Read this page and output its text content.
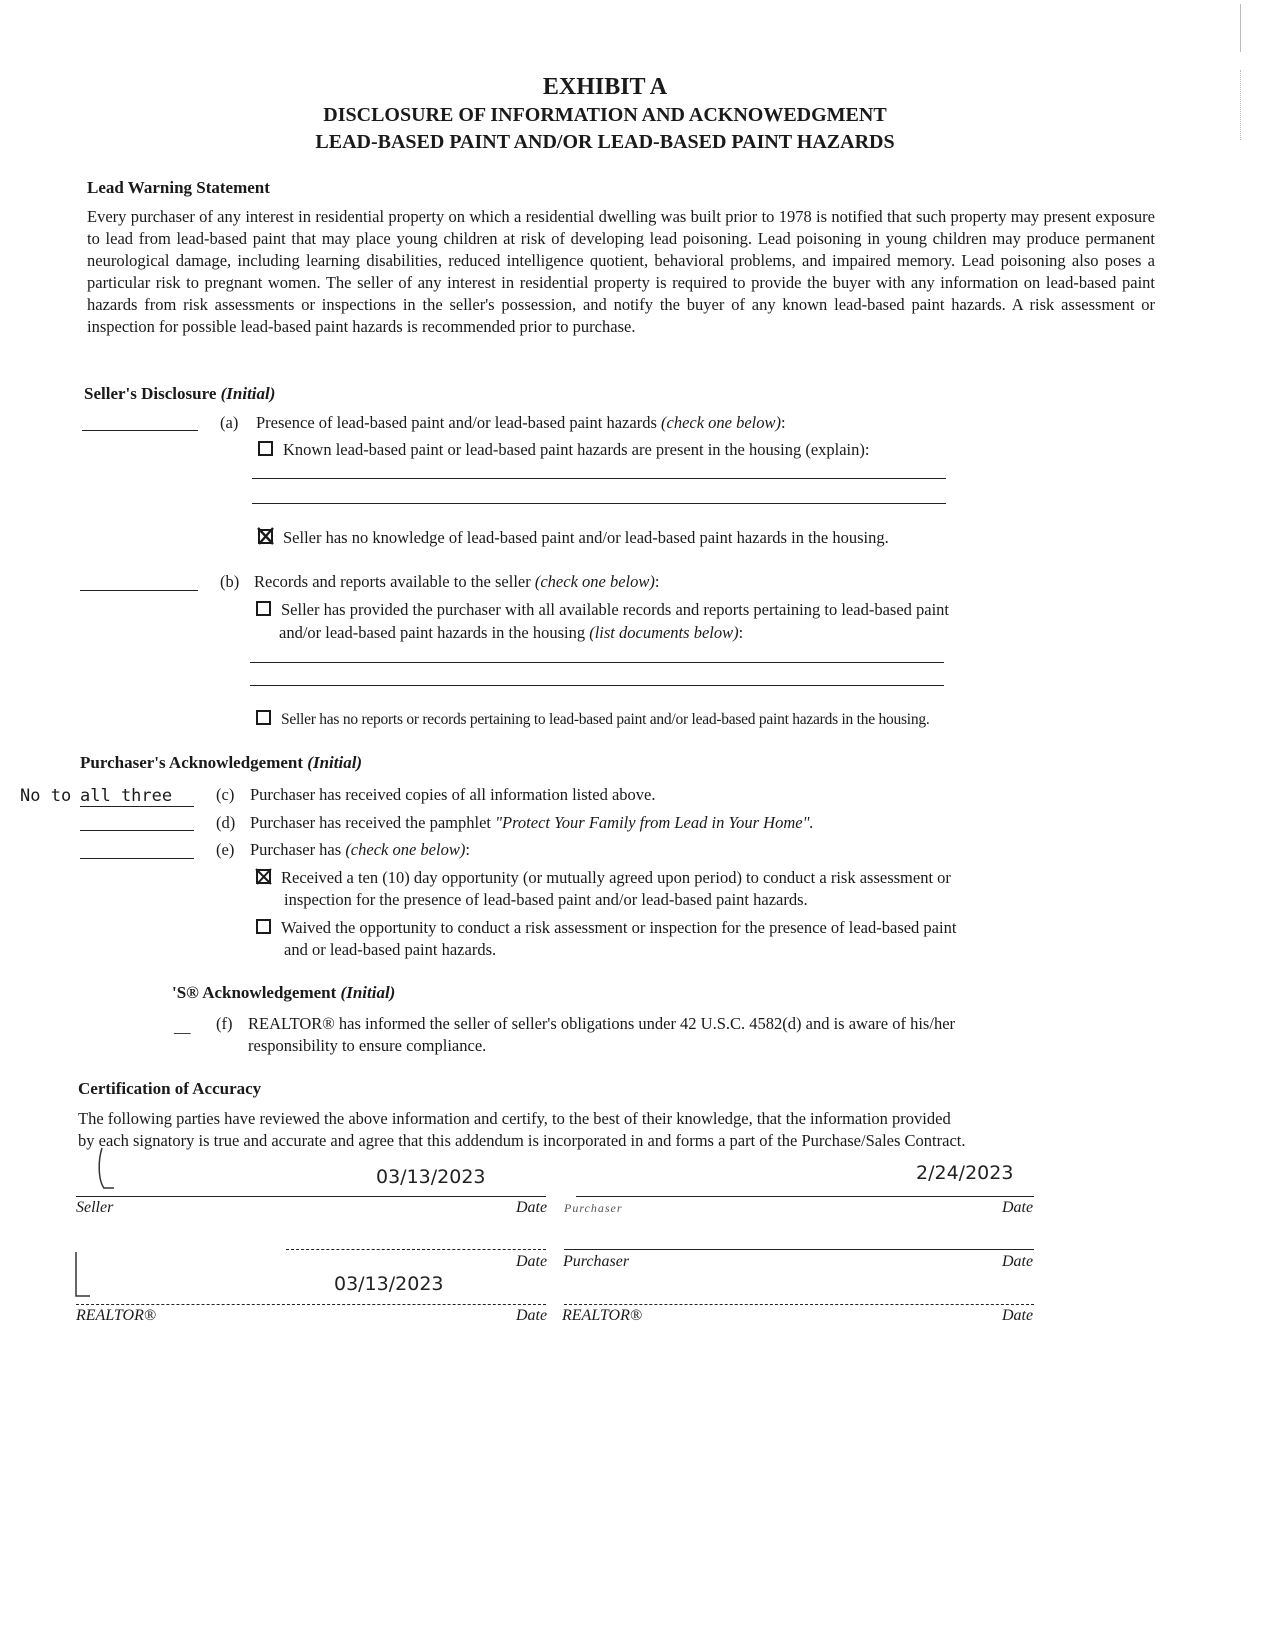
EXHIBIT A
DISCLOSURE OF INFORMATION AND ACKNOWEDGMENT
LEAD-BASED PAINT AND/OR LEAD-BASED PAINT HAZARDS
Lead Warning Statement
Every purchaser of any interest in residential property on which a residential dwelling was built prior to 1978 is notified that such property may present exposure to lead from lead-based paint that may place young children at risk of developing lead poisoning. Lead poisoning in young children may produce permanent neurological damage, including learning disabilities, reduced intelligence quotient, behavioral problems, and impaired memory. Lead poisoning also poses a particular risk to pregnant women. The seller of any interest in residential property is required to provide the buyer with any information on lead-based paint hazards from risk assessments or inspections in the seller's possession, and notify the buyer of any known lead-based paint hazards. A risk assessment or inspection for possible lead-based paint hazards is recommended prior to purchase.
Seller's Disclosure (Initial)
(a) Presence of lead-based paint and/or lead-based paint hazards (check one below):
Known lead-based paint or lead-based paint hazards are present in the housing (explain):
Seller has no knowledge of lead-based paint and/or lead-based paint hazards in the housing.
(b) Records and reports available to the seller (check one below):
Seller has provided the purchaser with all available records and reports pertaining to lead-based paint
and/or lead-based paint hazards in the housing (list documents below):
Seller has no reports or records pertaining to lead-based paint and/or lead-based paint hazards in the housing.
Purchaser's Acknowledgement (Initial)
No to all three	(c) Purchaser has received copies of all information listed above.
(d) Purchaser has received the pamphlet "Protect Your Family from Lead in Your Home".
(e) Purchaser has (check one below):
Received a ten (10) day opportunity (or mutually agreed upon period) to conduct a risk assessment or
inspection for the presence of lead-based paint and/or lead-based paint hazards.
Waived the opportunity to conduct a risk assessment or inspection for the presence of lead-based paint
and or lead-based paint hazards.
'S® Acknowledgement (Initial)
__ (f) REALTOR® has informed the seller of seller's obligations under 42 U.S.C. 4582(d) and is aware of his/her
responsibility to ensure compliance.
Certification of Accuracy
The following parties have reviewed the above information and certify, to the best of their knowledge, that the information provided
by each signatory is true and accurate and agree that this addendum is incorporated in and forms a part of the Purchase/Sales Contract.
03/13/2023	2/24/2023
Seller	Date Purchaser	Date
Date Purchaser	Date
03/13/2023
REALTOR®	Date REALTOR®	Date
